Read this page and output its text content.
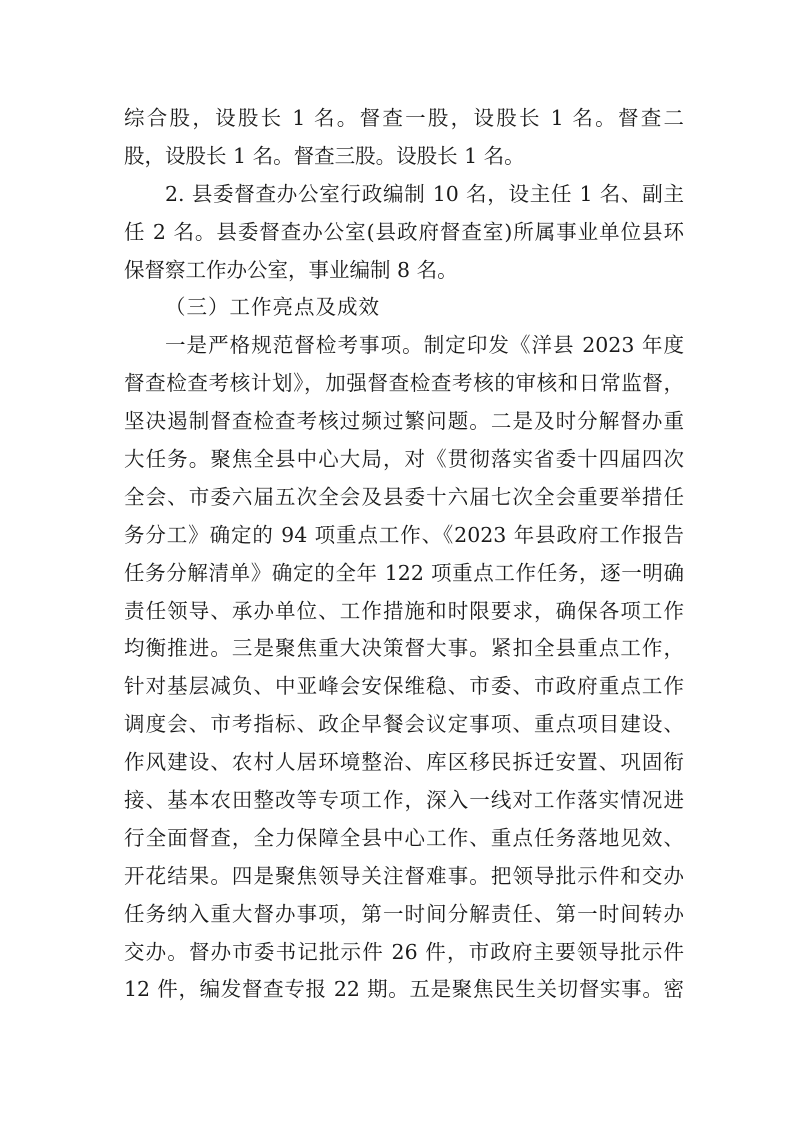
综合股，设股长 1 名。督查一股，设股长 1 名。督查二
股，设股长 1 名。督查三股。设股长 1 名。
2. 县委督查办公室行政编制 10 名，设主任 1 名、副主
任 2 名。县委督查办公室(县政府督查室)所属事业单位县环
保督察工作办公室，事业编制 8 名。
（三）工作亮点及成效
一是严格规范督检考事项。制定印发《洋县 2023 年度
督查检查考核计划》，加强督查检查考核的审核和日常监督，
坚决遏制督查检查考核过频过繁问题。二是及时分解督办重
大任务。聚焦全县中心大局，对《贯彻落实省委十四届四次
全会、市委六届五次全会及县委十六届七次全会重要举措任
务分工》确定的 94 项重点工作、《2023 年县政府工作报告
任务分解清单》确定的全年 122 项重点工作任务，逐一明确
责任领导、承办单位、工作措施和时限要求，确保各项工作
均衡推进。三是聚焦重大决策督大事。紧扣全县重点工作，
针对基层减负、中亚峰会安保维稳、市委、市政府重点工作
调度会、市考指标、政企早餐会议定事项、重点项目建设、
作风建设、农村人居环境整治、库区移民拆迁安置、巩固衔
接、基本农田整改等专项工作，深入一线对工作落实情况进
行全面督查，全力保障全县中心工作、重点任务落地见效、
开花结果。四是聚焦领导关注督难事。把领导批示件和交办
任务纳入重大督办事项，第一时间分解责任、第一时间转办
交办。督办市委书记批示件 26 件，市政府主要领导批示件
12 件，编发督查专报 22 期。五是聚焦民生关切督实事。密
